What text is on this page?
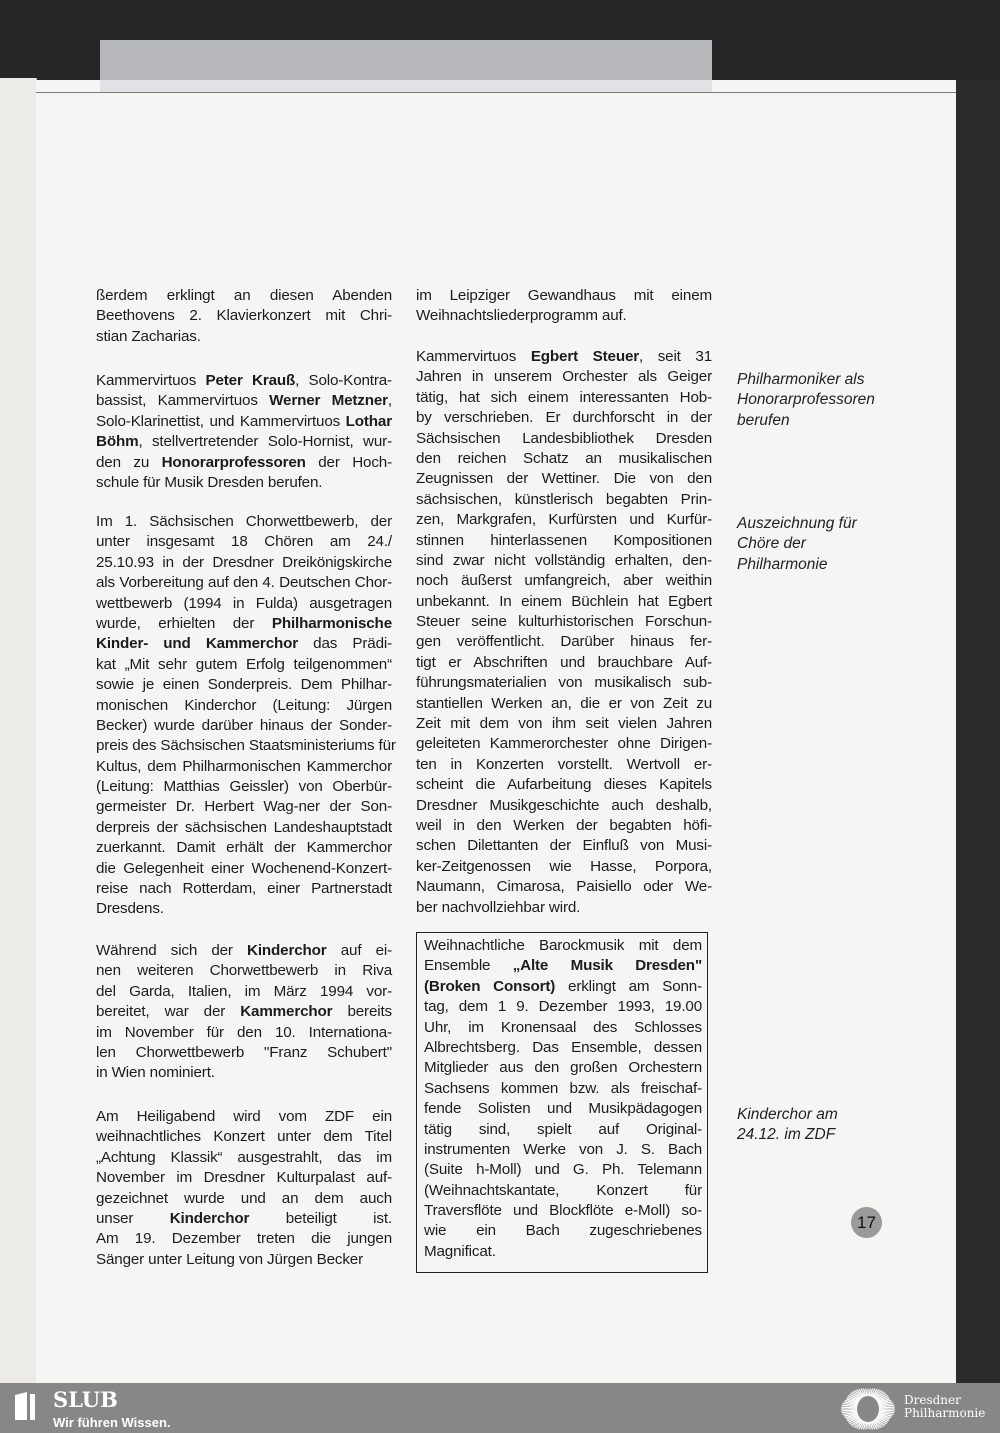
ßerdem erklingt an diesen Abenden
Beethovens 2. Klavierkonzert mit Chri-
stian Zacharias.
Kammervirtuos Peter Krauß, Solo-Kontra-
bassist, Kammervirtuos Werner Metzner,
Solo-Klarinettist, und Kammervirtuos Lothar
Böhm, stellvertretender Solo-Hornist, wur-
den zu Honorarprofessoren der Hoch-
schule für Musik Dresden berufen.
Im 1. Sächsischen Chorwettbewerb, der
unter insgesamt 18 Chören am 24./
25.10.93 in der Dresdner Dreikönigskirche
als Vorbereitung auf den 4. Deutschen Chor-
wettbewerb (1994 in Fulda) ausgetragen
wurde, erhielten der Philharmonische
Kinder- und Kammerchor das Prädi-
kat „Mit sehr gutem Erfolg teilgenommen“
sowie je einen Sonderpreis. Dem Philhar-
monischen Kinderchor (Leitung: Jürgen
Becker) wurde darüber hinaus der Sonder-
preis des Sächsischen Staatsministeriums für
Kultus, dem Philharmonischen Kammerchor
(Leitung: Matthias Geissler) von Oberbür-
germeister Dr. Herbert Wag-ner der Son-
derpreis der sächsischen Landeshauptstadt
zuerkannt. Damit erhält der Kammerchor
die Gelegenheit einer Wochenend-Konzert-
reise nach Rotterdam, einer Partnerstadt
Dresdens.
Während sich der Kinderchor auf ei-
nen weiteren Chorwettbewerb in Riva
del Garda, Italien, im März 1994 vor-
bereitet, war der Kammerchor bereits
im November für den 10. Internationa-
len Chorwettbewerb "Franz Schubert"
in Wien nominiert.
Am Heiligabend wird vom ZDF ein
weihnachtliches Konzert unter dem Titel
„Achtung Klassik“ ausgestrahlt, das im
November im Dresdner Kulturpalast auf-
gezeichnet wurde und an dem auch
unser Kinderchor beteiligt ist.
Am 19. Dezember treten die jungen
Sänger unter Leitung von Jürgen Becker
im Leipziger Gewandhaus mit einem
Weihnachtsliederprogramm auf.
Kammervirtuos Egbert Steuer, seit 31
Jahren in unserem Orchester als Geiger
tätig, hat sich einem interessanten Hob-
by verschrieben. Er durchforscht in der
Sächsischen Landesbibliothek Dresden
den reichen Schatz an musikalischen
Zeugnissen der Wettiner. Die von den
sächsischen, künstlerisch begabten Prin-
zen, Markgrafen, Kurfürsten und Kurfür-
stinnen hinterlassenen Kompositionen
sind zwar nicht vollständig erhalten, den-
noch äußerst umfangreich, aber weithin
unbekannt. In einem Büchlein hat Egbert
Steuer seine kulturhistorischen Forschun-
gen veröffentlicht. Darüber hinaus fer-
tigt er Abschriften und brauchbare Auf-
führungsmaterialien von musikalisch sub-
stantiellen Werken an, die er von Zeit zu
Zeit mit dem von ihm seit vielen Jahren
geleiteten Kammerorchester ohne Dirigen-
ten in Konzerten vorstellt. Wertvoll er-
scheint die Aufarbeitung dieses Kapitels
Dresdner Musikgeschichte auch deshalb,
weil in den Werken der begabten höfi-
schen Dilettanten der Einfluß von Musi-
ker-Zeitgenossen wie Hasse, Porpora,
Naumann, Cimarosa, Paisiello oder We-
ber nachvollziehbar wird.
Weihnachtliche Barockmusik mit dem
Ensemble „Alte Musik Dresden"
(Broken Consort) erklingt am Sonn-
tag, dem 1 9. Dezember 1993, 19.00
Uhr, im Kronensaal des Schlosses
Albrechtsberg. Das Ensemble, dessen
Mitglieder aus den großen Orchestern
Sachsens kommen bzw. als freischaf-
fende Solisten und Musikpädagogen
tätig sind, spielt auf Original-
instrumenten Werke von J. S. Bach
(Suite h-Moll) und G. Ph. Telemann
(Weihnachtskantate, Konzert für
Traversflöte und Blockflöte e-Moll) so-
wie ein Bach zugeschriebenes
Magnificat.
Philharmoniker als
Honorarprofessoren
berufen
Auszeichnung für
Chöre der
Philharmonie
Kinderchor am
24.12. im ZDF
17
SLUB
Wir führen Wissen.
Dresdner
Philharmonie
